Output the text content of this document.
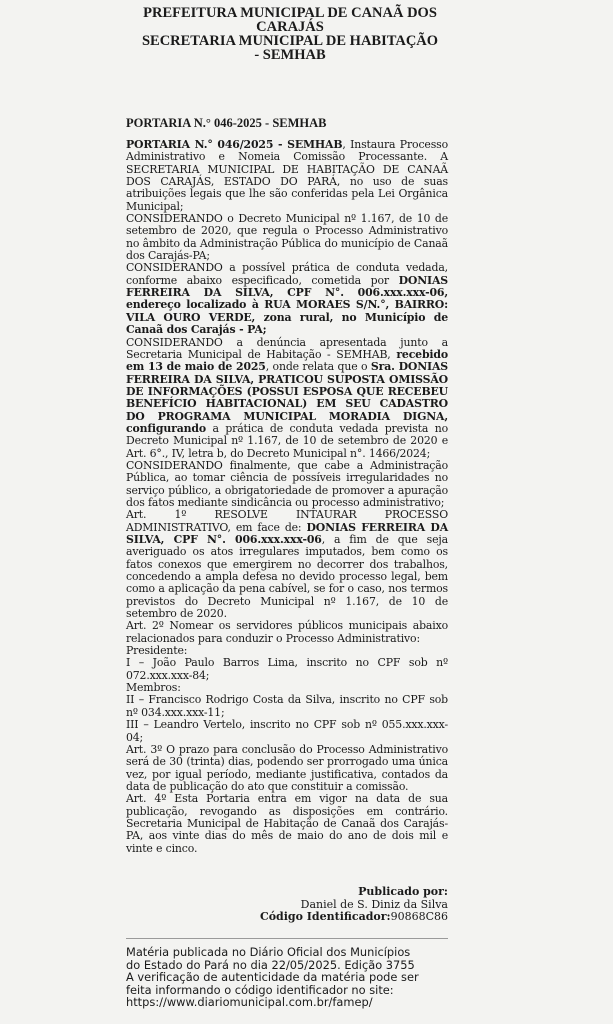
PREFEITURA MUNICIPAL DE CANAÃ DOS CARAJÁS
SECRETARIA MUNICIPAL DE HABITAÇÃO - SEMHAB
PORTARIA N.° 046-2025 - SEMHAB

PORTARIA N.° 046/2025 - SEMHAB, Instaura Processo Administrativo e Nomeia Comissão Processante. A SECRETARIA MUNICIPAL DE HABITAÇÃO DE CANAÃ DOS CARAJÁS, ESTADO DO PARÁ, no uso de suas atribuições legais que lhe são conferidas pela Lei Orgânica Municipal;

CONSIDERANDO o Decreto Municipal nº 1.167, de 10 de setembro de 2020, que regula o Processo Administrativo no âmbito da Administração Pública do município de Canaã dos Carajás-PA;

CONSIDERANDO a possível prática de conduta vedada, conforme abaixo especificado, cometida por DONIAS FERREIRA DA SILVA, CPF N°. 006.xxx.xxx-06, endereço localizado à RUA MORAES S/N.°, BAIRRO: VILA OURO VERDE, zona rural, no Município de Canaã dos Carajás - PA;

CONSIDERANDO a denúncia apresentada junto a Secretaria Municipal de Habitação - SEMHAB, recebido em 13 de maio de 2025, onde relata que o Sra. DONIAS FERREIRA DA SILVA, PRATICOU SUPOSTA OMISSÃO DE INFORMAÇÕES (POSSUI ESPOSA QUE RECEBEU BENEFÍCIO HABITACIONAL) EM SEU CADASTRO DO PROGRAMA MUNICIPAL MORADIA DIGNA, configurando a prática de conduta vedada prevista no Decreto Municipal nº 1.167, de 10 de setembro de 2020 e Art. 6°., IV, letra b, do Decreto Municipal n°. 1466/2024;

CONSIDERANDO finalmente, que cabe a Administração Pública, ao tomar ciência de possíveis irregularidades no serviço público, a obrigatoriedade de promover a apuração dos fatos mediante sindicância ou processo administrativo;

Art. 1º RESOLVE INTAURAR PROCESSO ADMINISTRATIVO, em face de: DONIAS FERREIRA DA SILVA, CPF N°. 006.xxx.xxx-06, a fim de que seja averiguado os atos irregulares imputados, bem como os fatos conexos que emergirem no decorrer dos trabalhos, concedendo a ampla defesa no devido processo legal, bem como a aplicação da pena cabível, se for o caso, nos termos previstos do Decreto Municipal nº 1.167, de 10 de setembro de 2020.

Art. 2º Nomear os servidores públicos municipais abaixo relacionados para conduzir o Processo Administrativo:

Presidente:

I – João Paulo Barros Lima, inscrito no CPF sob nº 072.xxx.xxx-84;

Membros:

II – Francisco Rodrigo Costa da Silva, inscrito no CPF sob nº 034.xxx.xxx-11;

III – Leandro Vertelo, inscrito no CPF sob nº 055.xxx.xxx-04;

Art. 3º O prazo para conclusão do Processo Administrativo será de 30 (trinta) dias, podendo ser prorrogado uma única vez, por igual período, mediante justificativa, contados da data de publicação do ato que constituir a comissão.

Art. 4º Esta Portaria entra em vigor na data de sua publicação, revogando as disposições em contrário. Secretaria Municipal de Habitação de Canaã dos Carajás-PA, aos vinte dias do mês de maio do ano de dois mil e vinte e cinco.

Publicado por:
Daniel de S. Diniz da Silva
Código Identificador:90868C86
Matéria publicada no Diário Oficial dos Municípios
do Estado do Pará no dia 22/05/2025. Edição 3755
A verificação de autenticidade da matéria pode ser
feita informando o código identificador no site:
https://www.diariomunicipal.com.br/famep/
